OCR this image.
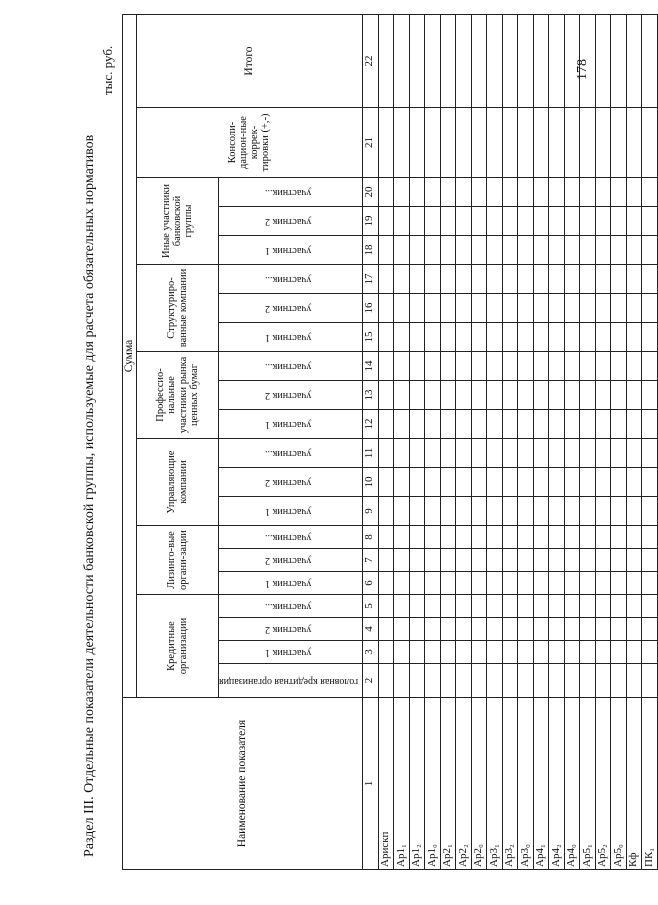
Раздел III. Отдельные показатели деятельности банковской группы, используемые для расчета обязательных нормативов
тыс. руб.	178
Наименование показателя	Сумма																				
	Кредитные организации				Лизинго-вые органи-зации			Управляющие компании			Профессио-нальные участники рынка ценных бумаг			Структуриро-ванные компании			Иные участники банковской группы			Консоли-дацион-ные коррек-тировки (+,-)	Итого
	головная кредитная организация	участник 1	участник 2	участник...	участник 1	участник 2	участник...	участник 1	участник 2	участник...	участник 1	участник 2	участник...	участник 1	участник 2	участник...	участник 1	участник 2	участник...		
1	2	3	4	5	6	7	8	9	10	11	12	13	14	15	16	17	18	19	20	21	22
Арискп																					
Ар1₁																					
Ар1₂																					
Ар1₀																					
Ар2₁																					
Ар2₂																					
Ар2₀																					
Ар3₁																					
Ар3₂																					
Ар3₀																					
Ар4₁																					
Ар4₂																					
Ар4₀																					
Ар5₁																					
Ар5₂																					
Ар5₀																					
Кф																					
ПК₁																					
